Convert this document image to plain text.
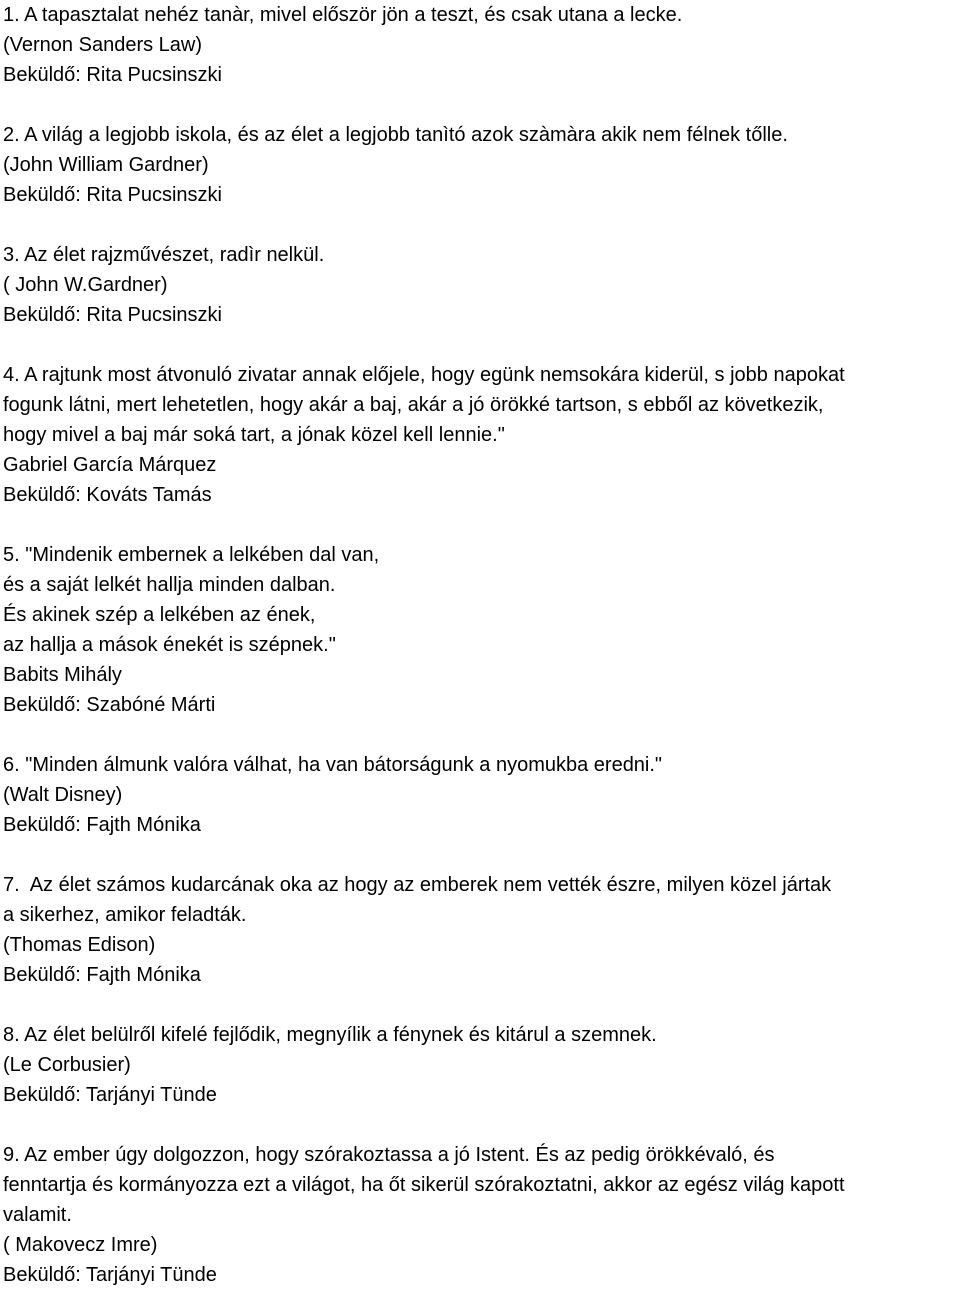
1. A tapasztalat nehéz tanàr, mivel először jön a teszt, és csak utana a lecke.
(Vernon Sanders Law)
Beküldő: Rita Pucsinszki
2. A világ a legjobb iskola, és az élet a legjobb tanìtó azok szàmàra akik nem félnek tőlle.
(John William Gardner)
Beküldő: Rita Pucsinszki
3. Az élet rajzművészet, radìr nelkül.
( John W.Gardner)
Beküldő: Rita Pucsinszki
4. A rajtunk most átvonuló zivatar annak előjele, hogy egünk nemsokára kiderül, s jobb napokat
fogunk látni, mert lehetetlen, hogy akár a baj, akár a jó örökké tartson, s ebből az következik,
hogy mivel a baj már soká tart, a jónak közel kell lennie."
Gabriel García Márquez
Beküldő: Kováts Tamás
5. "Mindenik embernek a lelkében dal van,
és a saját lelkét hallja minden dalban.
És akinek szép a lelkében az ének,
az hallja a mások énekét is szépnek."
Babits Mihály
Beküldő: Szabóné Márti
6. "Minden álmunk valóra válhat, ha van bátorságunk a nyomukba eredni."
(Walt Disney)
Beküldő: Fajth Mónika
7.  Az élet számos kudarcának oka az hogy az emberek nem vették észre, milyen közel jártak
a sikerhez, amikor feladták.
(Thomas Edison)
Beküldő: Fajth Mónika
8. Az élet belülről kifelé fejlődik, megnyílik a fénynek és kitárul a szemnek.
(Le Corbusier)
Beküldő: Tarjányi Tünde
9. Az ember úgy dolgozzon, hogy szórakoztassa a jó Istent. És az pedig örökkévaló, és
fenntartja és kormányozza ezt a világot, ha őt sikerül szórakoztatni, akkor az egész világ kapott
valamit.
( Makovecz Imre)
Beküldő: Tarjányi Tünde
